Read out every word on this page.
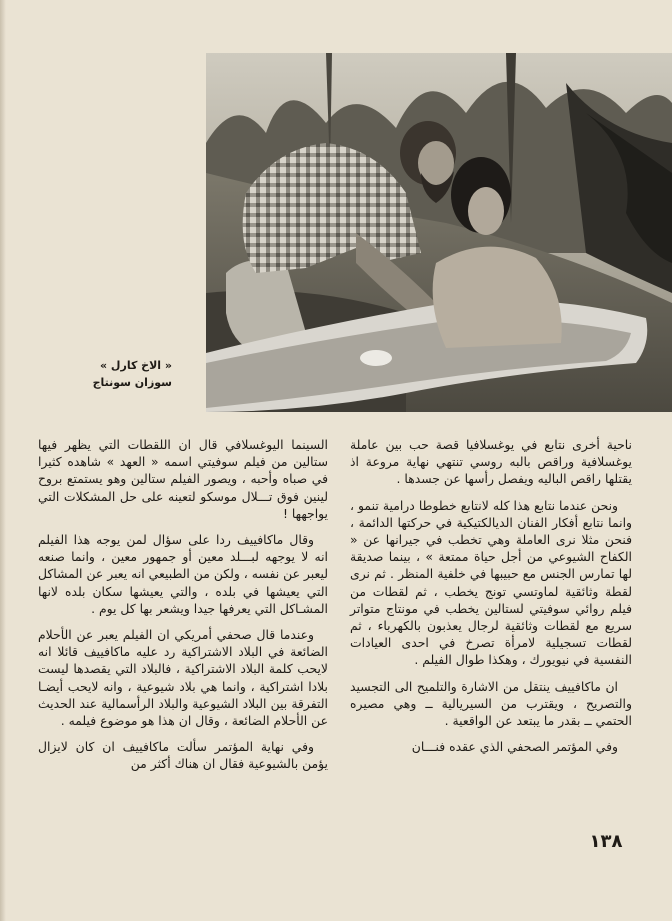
« الاخ كارل »
سوزان سونتاج

ناحية أخرى نتابع في يوغسلافيا قصة حب بين عاملة يوغسلافية وراقص بالبه روسي تنتهي نهاية مروعة اذ يقتلها راقص الباليه ويفصل رأسها عن جسدها .

ونحن عندما نتابع هذا كله لانتابع خطوطا درامية تنمو ، وانما نتابع أفكار الفنان الديالكتيكية في حركتها الدائمة ، فنحن مثلا نرى العاملة وهي تخطب في جيرانها عن « الكفاح الشيوعي من أجل حياة ممتعة » ، بينما صديقة لها تمارس الجنس مع حبيبها في خلفية المنظر . ثم نرى لقطة وثائقية لماوتسي تونج يخطب ، ثم لقطات من فيلم روائي سوفيتي لستالين يخطب في مونتاج متواتر سريع مع لقطات وثائقية لرجال يعذبون بالكهرباء ، ثم لقطات تسجيلية لامرأة تصرخ في احدى العيادات النفسية في نيويورك ، وهكذا طوال الفيلم .

ان ماكافييف ينتقل من الاشارة والتلميح الى التجسيد والتصريح ، ويقترب من السيريالية ــ وهي مصيره الحتمي ــ بقدر ما يبتعد عن الواقعية .

وفي المؤتمر الصحفي الذي عقده فنـــان

السينما اليوغسلافي قال ان اللقطات التي يظهر فيها ستالين من فيلم سوفيتي اسمه « العهد » شاهده كثيرا في صباه وأحبه ، ويصور الفيلم ستالين وهو يستمتع بروح لينين فوق تـــلال موسكو لتعينه على حل المشكلات التي يواجهها !

وقال ماكافييف ردا على سؤال لمن يوجه هذا الفيلم انه لا يوجهه لبـــلد معين أو جمهور معين ، وانما صنعه ليعبر عن نفسه ، ولكن من الطبيعي انه يعبر عن المشاكل التي يعيشها في بلده ، والتي يعيشها سكان بلده لانها المشـاكل التي يعرفها جيدا ويشعر بها كل يوم .

وعندما قال صحفي أمريكي ان الفيلم يعبر عن الأحلام الضائعة في البلاد الاشتراكية رد عليه ماكافييف قائلا انه لايحب كلمة البلاد الاشتراكية ، فالبلاد التي يقصدها ليست بلادا اشتراكية ، وانما هي بلاد شيوعية ، وانه لايحب أيضـا التفرقة بين البلاد الشيوعية والبلاد الرأسمالية عند الحديث عن الأحلام الضائعة ، وقال ان هذا هو موضوع فيلمه .

وفي نهاية المؤتمر سألت ماكافييف ان كان لايزال يؤمن بالشيوعية فقال ان هناك أكثر من

١٣٨
